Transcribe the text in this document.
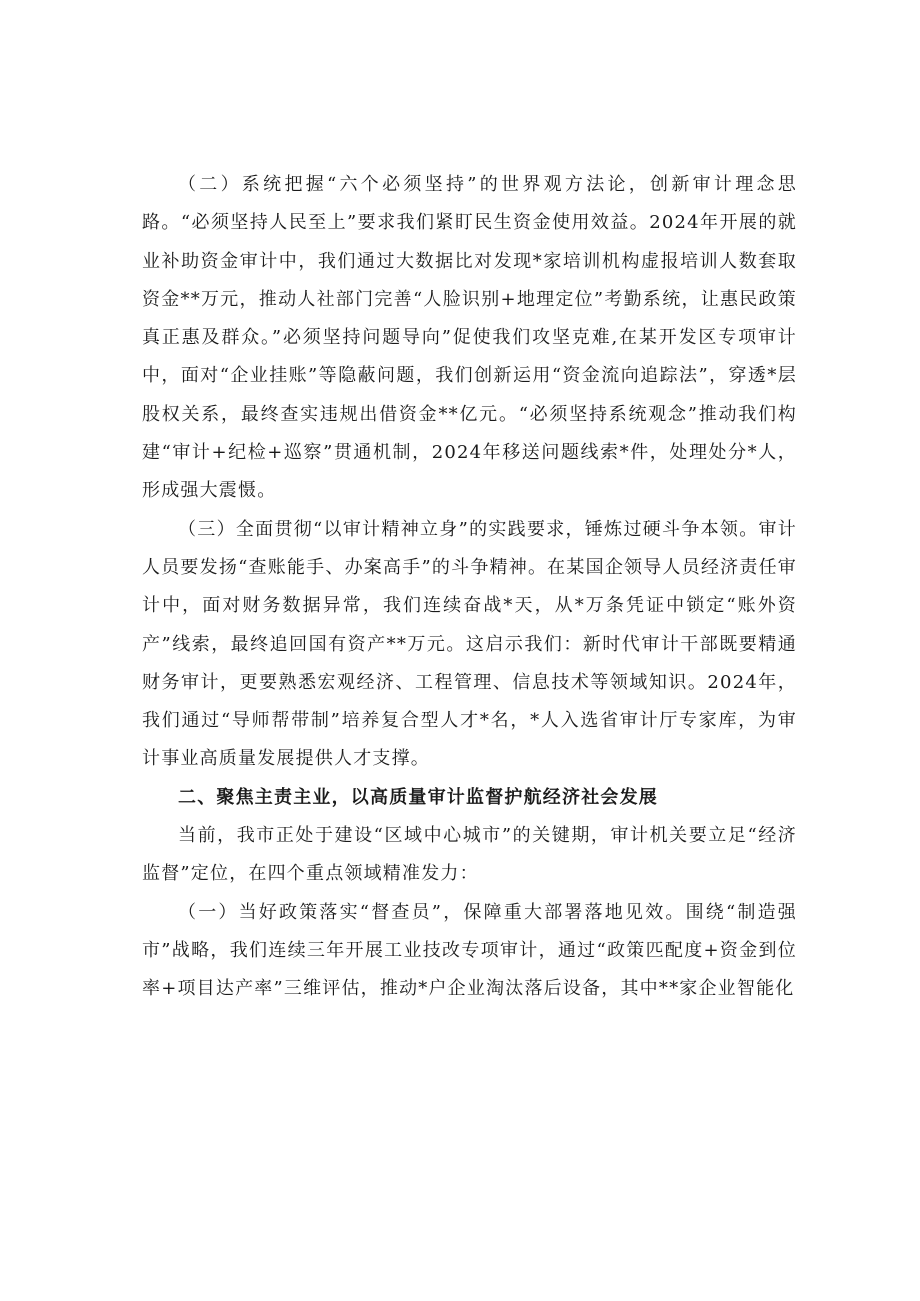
（二）系统把握“六个必须坚持”的世界观方法论，创新审计理念思路。“必须坚持人民至上”要求我们紧盯民生资金使用效益。2024年开展的就业补助资金审计中，我们通过大数据比对发现*家培训机构虚报培训人数套取资金**万元，推动人社部门完善“人脸识别+地理定位”考勤系统，让惠民政策真正惠及群众。”必须坚持问题导向”促使我们攻坚克难,在某开发区专项审计中，面对“企业挂账”等隐蔽问题，我们创新运用“资金流向追踪法”，穿透*层股权关系，最终查实违规出借资金**亿元。“必须坚持系统观念”推动我们构建“审计+纪检+巡察”贯通机制，2024年移送问题线索*件，处理处分*人，形成强大震慑。

（三）全面贯彻“以审计精神立身”的实践要求，锤炼过硬斗争本领。审计人员要发扬“查账能手、办案高手”的斗争精神。在某国企领导人员经济责任审计中，面对财务数据异常，我们连续奋战*天，从*万条凭证中锁定“账外资产”线索，最终追回国有资产**万元。这启示我们：新时代审计干部既要精通财务审计，更要熟悉宏观经济、工程管理、信息技术等领域知识。2024年，我们通过“导师帮带制”培养复合型人才*名，*人入选省审计厅专家库，为审计事业高质量发展提供人才支撑。

二、聚焦主责主业，以高质量审计监督护航经济社会发展

当前，我市正处于建设“区域中心城市”的关键期，审计机关要立足“经济监督”定位，在四个重点领域精准发力：

（一）当好政策落实“督查员”，保障重大部署落地见效。围绕“制造强市”战略，我们连续三年开展工业技改专项审计，通过“政策匹配度+资金到位率+项目达产率”三维评估，推动*户企业淘汰落后设备，其中**家企业智能化
